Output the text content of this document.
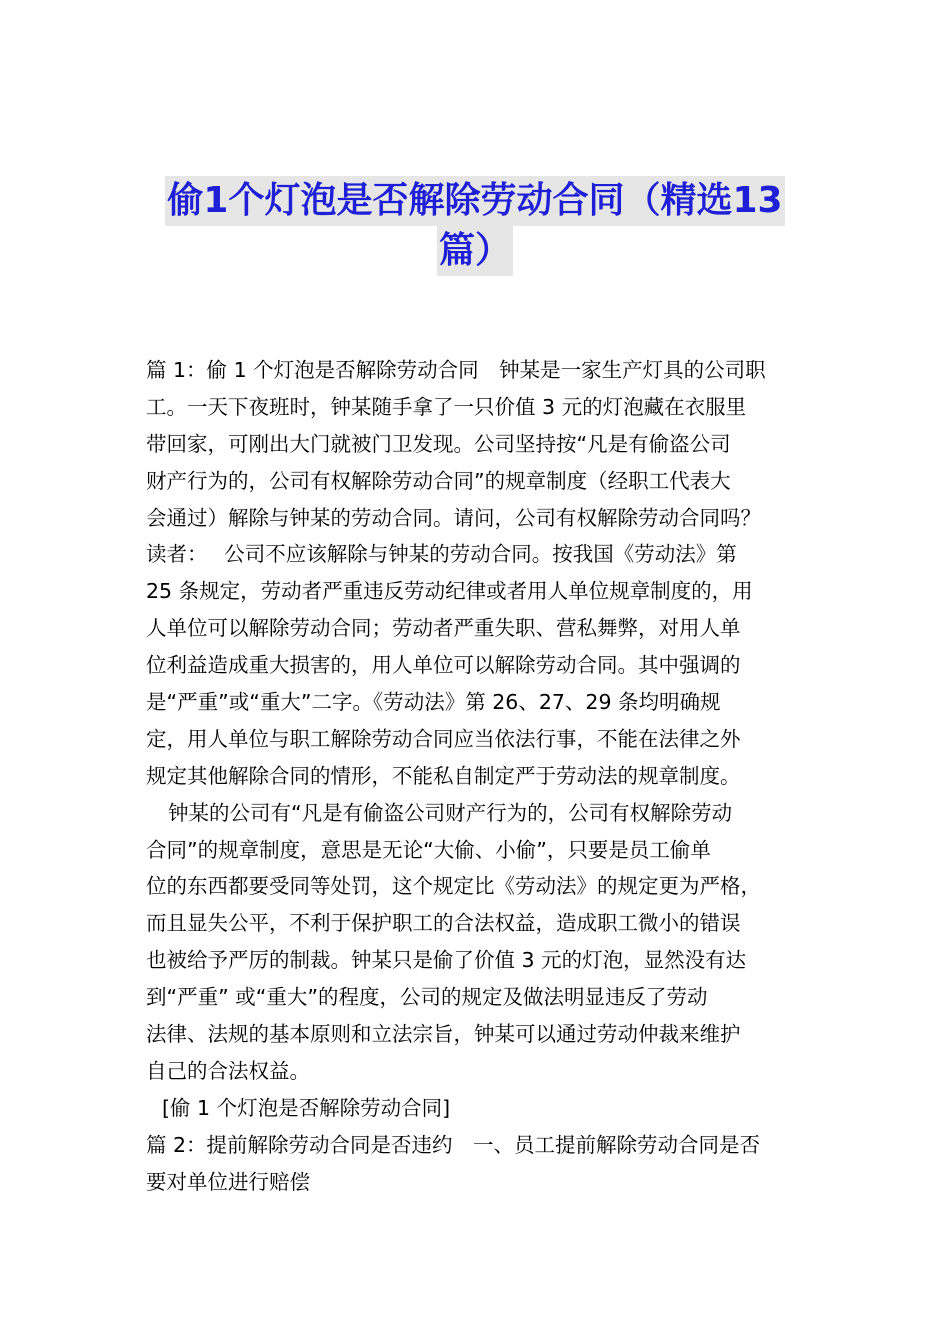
偷1个灯泡是否解除劳动合同（精选13
篇）
篇 1：偷 1 个灯泡是否解除劳动合同　钟某是一家生产灯具的公司职
工。一天下夜班时，钟某随手拿了一只价值 3 元的灯泡藏在衣服里
带回家，可刚出大门就被门卫发现。公司坚持按“凡是有偷盗公司
财产行为的，公司有权解除劳动合同”的规章制度（经职工代表大
会通过）解除与钟某的劳动合同。请问，公司有权解除劳动合同吗？
读者：　 公司不应该解除与钟某的劳动合同。按我国《劳动法》第
25 条规定，劳动者严重违反劳动纪律或者用人单位规章制度的，用
人单位可以解除劳动合同；劳动者严重失职、营私舞弊，对用人单
位利益造成重大损害的，用人单位可以解除劳动合同。其中强调的
是“严重”或“重大”二字。《劳动法》第 26、27、29 条均明确规
定，用人单位与职工解除劳动合同应当依法行事，不能在法律之外
规定其他解除合同的情形，不能私自制定严于劳动法的规章制度。
钟某的公司有“凡是有偷盗公司财产行为的，公司有权解除劳动
合同”的规章制度，意思是无论“大偷、小偷”，只要是员工偷单
位的东西都要受同等处罚，这个规定比《劳动法》的规定更为严格，
而且显失公平，不利于保护职工的合法权益，造成职工微小的错误
也被给予严厉的制裁。钟某只是偷了价值 3 元的灯泡，显然没有达
到“严重” 或“重大”的程度，公司的规定及做法明显违反了劳动
法律、法规的基本原则和立法宗旨，钟某可以通过劳动仲裁来维护
自己的合法权益。
[偷 1 个灯泡是否解除劳动合同]
篇 2：提前解除劳动合同是否违约　一、员工提前解除劳动合同是否
要对单位进行赔偿
